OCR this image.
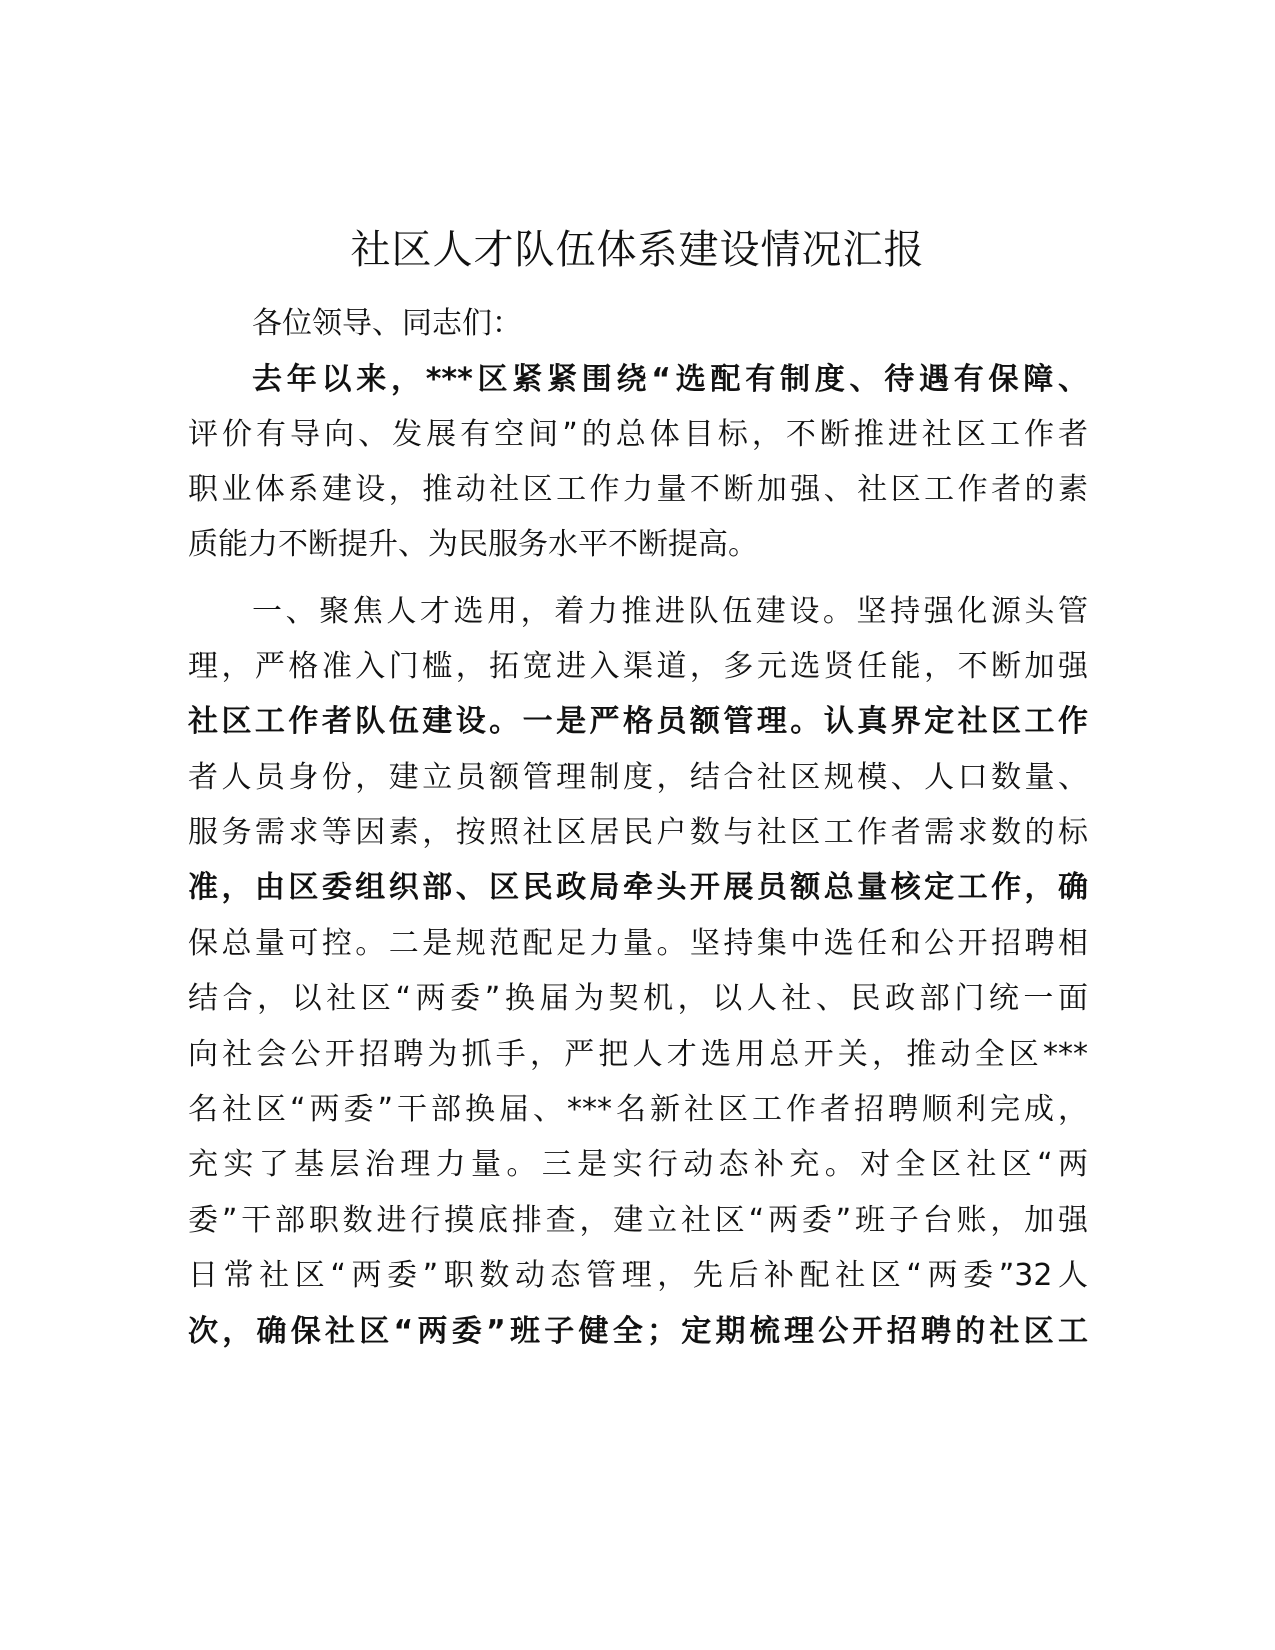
社区人才队伍体系建设情况汇报

各位领导、同志们：

去年以来，***区紧紧围绕“选配有制度、待遇有保障、

评价有导向、发展有空间”的总体目标，不断推进社区工作者

职业体系建设，推动社区工作力量不断加强、社区工作者的素

质能力不断提升、为民服务水平不断提高。

一、聚焦人才选用，着力推进队伍建设。坚持强化源头管

理，严格准入门槛，拓宽进入渠道，多元选贤任能，不断加强

社区工作者队伍建设。一是严格员额管理。认真界定社区工作

者人员身份，建立员额管理制度，结合社区规模、人口数量、

服务需求等因素，按照社区居民户数与社区工作者需求数的标

准，由区委组织部、区民政局牵头开展员额总量核定工作，确

保总量可控。二是规范配足力量。坚持集中选任和公开招聘相

结合，以社区“两委”换届为契机，以人社、民政部门统一面

向社会公开招聘为抓手，严把人才选用总开关，推动全区***

名社区“两委”干部换届、***名新社区工作者招聘顺利完成，

充实了基层治理力量。三是实行动态补充。对全区社区“两

委”干部职数进行摸底排查，建立社区“两委”班子台账，加强

日常社区“两委”职数动态管理，先后补配社区“两委”32人

次，确保社区“两委”班子健全；定期梳理公开招聘的社区工
